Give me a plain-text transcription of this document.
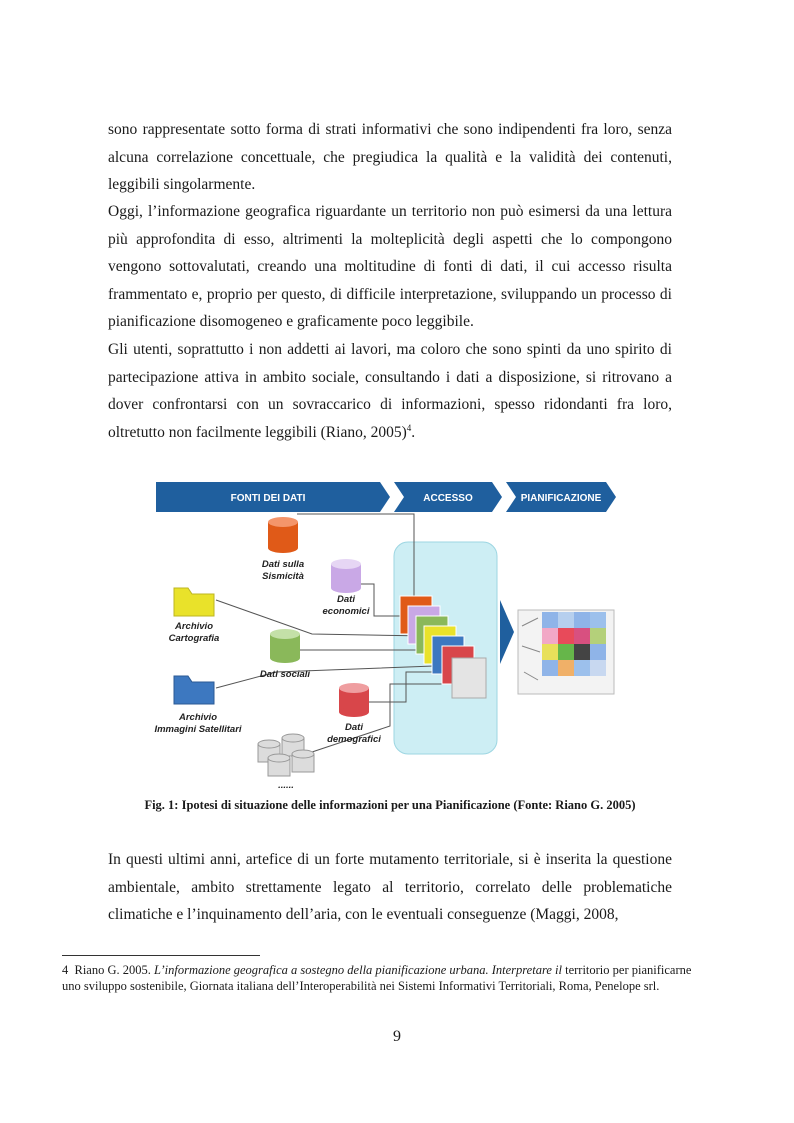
sono rappresentate sotto forma di strati informativi che sono indipendenti fra loro, senza alcuna correlazione concettuale, che pregiudica la qualità e la validità dei contenuti, leggibili singolarmente.

Oggi, l’informazione geografica riguardante un territorio non può esimersi da una lettura più approfondita di esso, altrimenti la molteplicità degli aspetti che lo compongono vengono sottovalutati, creando una moltitudine di fonti di dati, il cui accesso risulta frammentato e, proprio per questo, di difficile interpretazione, sviluppando un processo di pianificazione disomogeneo e graficamente poco leggibile.

Gli utenti, soprattutto i non addetti ai lavori, ma coloro che sono spinti da uno spirito di partecipazione attiva in ambito sociale, consultando i dati a disposizione, si ritrovano a dover confrontarsi con un sovraccarico di informazioni, spesso ridondanti fra loro, oltretutto non facilmente leggibili (Riano, 2005)$^4$.

FONTI DEI DATI	ACCESSO	PIANIFICAZIONE
Dati sulla
Sismicità
Dati
economici
Archivio
Cartografia
Dati sociali
Archivio
Immagini Satellitari	Dati
demografici
......

Fig. 1: Ipotesi di situazione delle informazioni per una Pianificazione (Fonte: Riano G. 2005)

In questi ultimi anni, artefice di un forte mutamento territoriale, si è inserita la questione ambientale, ambito strettamente legato al territorio, correlato delle problematiche climatiche e l’inquinamento dell’aria, con le eventuali conseguenze (Maggi, 2008,

4 Riano G. 2005. L’informazione geografica a sostegno della pianificazione urbana. Interpretare il territorio per pianificarne uno sviluppo sostenibile, Giornata italiana dell’Interoperabilità nei Sistemi Informativi Territoriali, Roma, Penelope srl.

9
